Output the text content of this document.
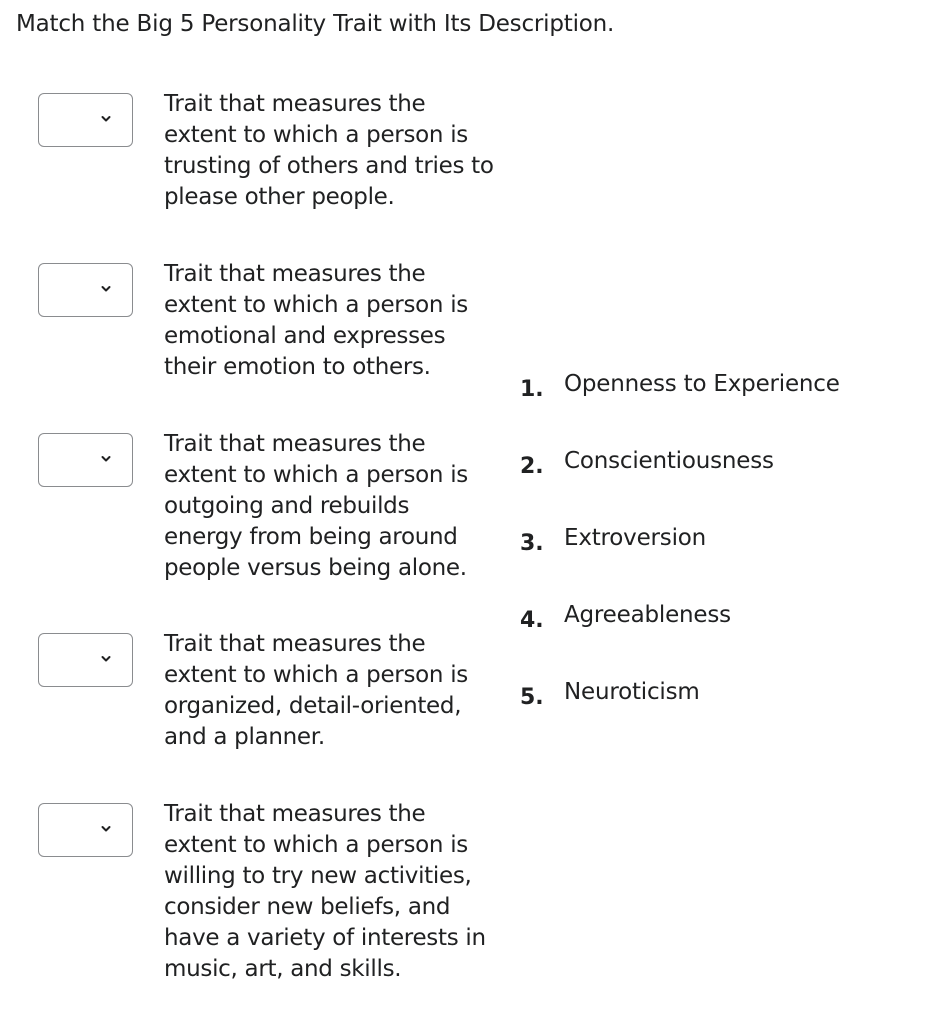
Match the Big 5 Personality Trait with Its Description.
Trait that measures the extent to which a person is trusting of others and tries to please other people.
Trait that measures the extent to which a person is emotional and expresses their emotion to others.
Trait that measures the extent to which a person is outgoing and rebuilds energy from being around people versus being alone.
Trait that measures the extent to which a person is organized, detail-oriented, and a planner.
Trait that measures the extent to which a person is willing to try new activities, consider new beliefs, and have a variety of interests in music, art, and skills.
1. Openness to Experience
2. Conscientiousness
3. Extroversion
4. Agreeableness
5. Neuroticism
